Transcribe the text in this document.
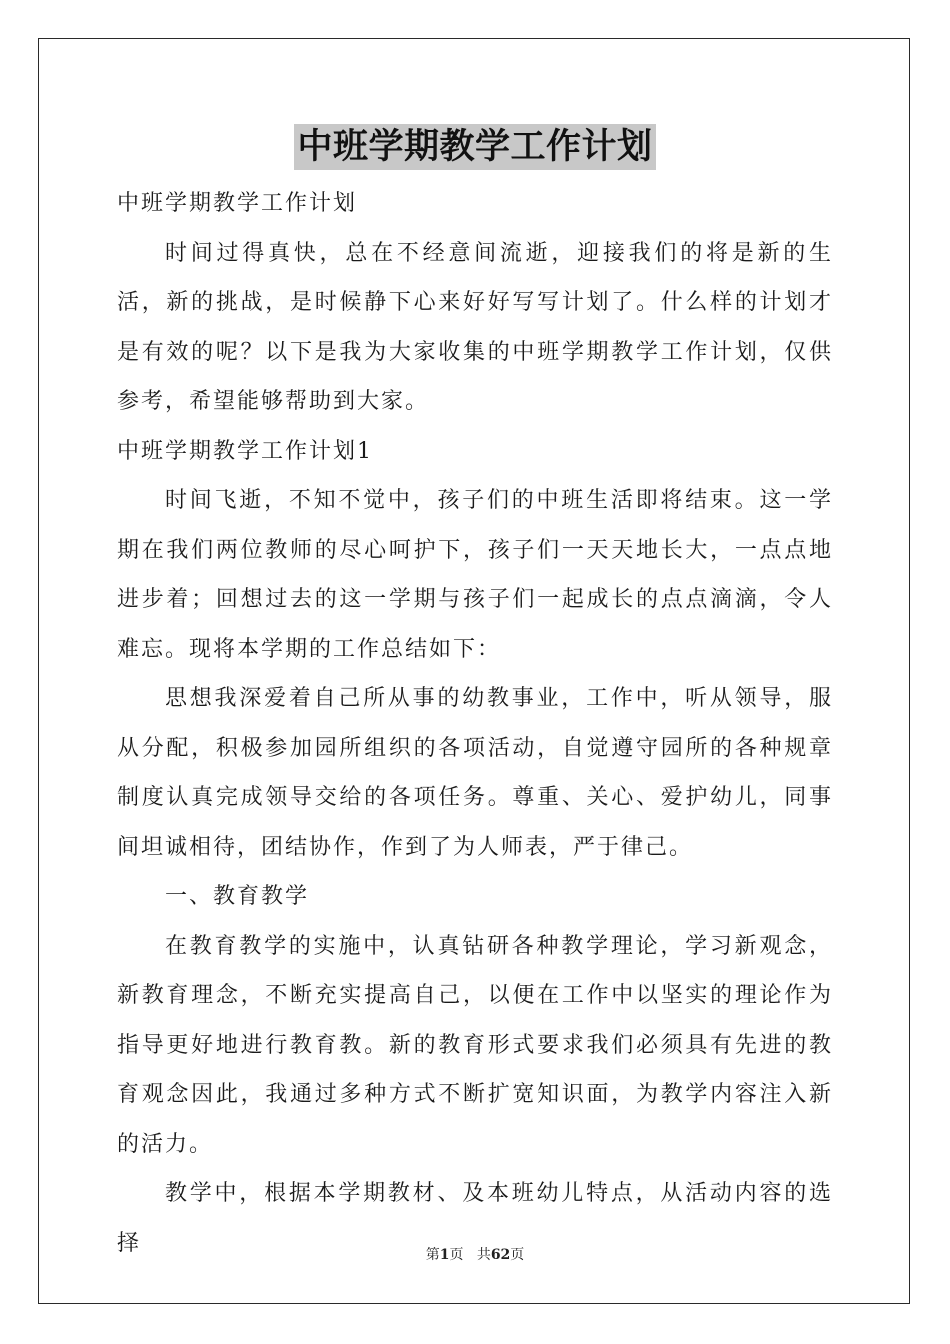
中班学期教学工作计划

中班学期教学工作计划

时间过得真快，总在不经意间流逝，迎接我们的将是新的生活，新的挑战，是时候静下心来好好写写计划了。什么样的计划才是有效的呢？以下是我为大家收集的中班学期教学工作计划，仅供参考，希望能够帮助到大家。

中班学期教学工作计划1

时间飞逝，不知不觉中，孩子们的中班生活即将结束。这一学期在我们两位教师的尽心呵护下，孩子们一天天地长大，一点点地进步着；回想过去的这一学期与孩子们一起成长的点点滴滴，令人难忘。现将本学期的工作总结如下：

思想我深爱着自己所从事的幼教事业，工作中，听从领导，服从分配，积极参加园所组织的各项活动，自觉遵守园所的各种规章制度认真完成领导交给的各项任务。尊重、关心、爱护幼儿，同事间坦诚相待，团结协作，作到了为人师表，严于律己。

一、教育教学

在教育教学的实施中，认真钻研各种教学理论，学习新观念，新教育理念，不断充实提高自己，以便在工作中以坚实的理论作为指导更好地进行教育教。新的教育形式要求我们必须具有先进的教育观念因此，我通过多种方式不断扩宽知识面，为教学内容注入新的活力。

教学中，根据本学期教材、及本班幼儿特点，从活动内容的选择	第1页 共62页
